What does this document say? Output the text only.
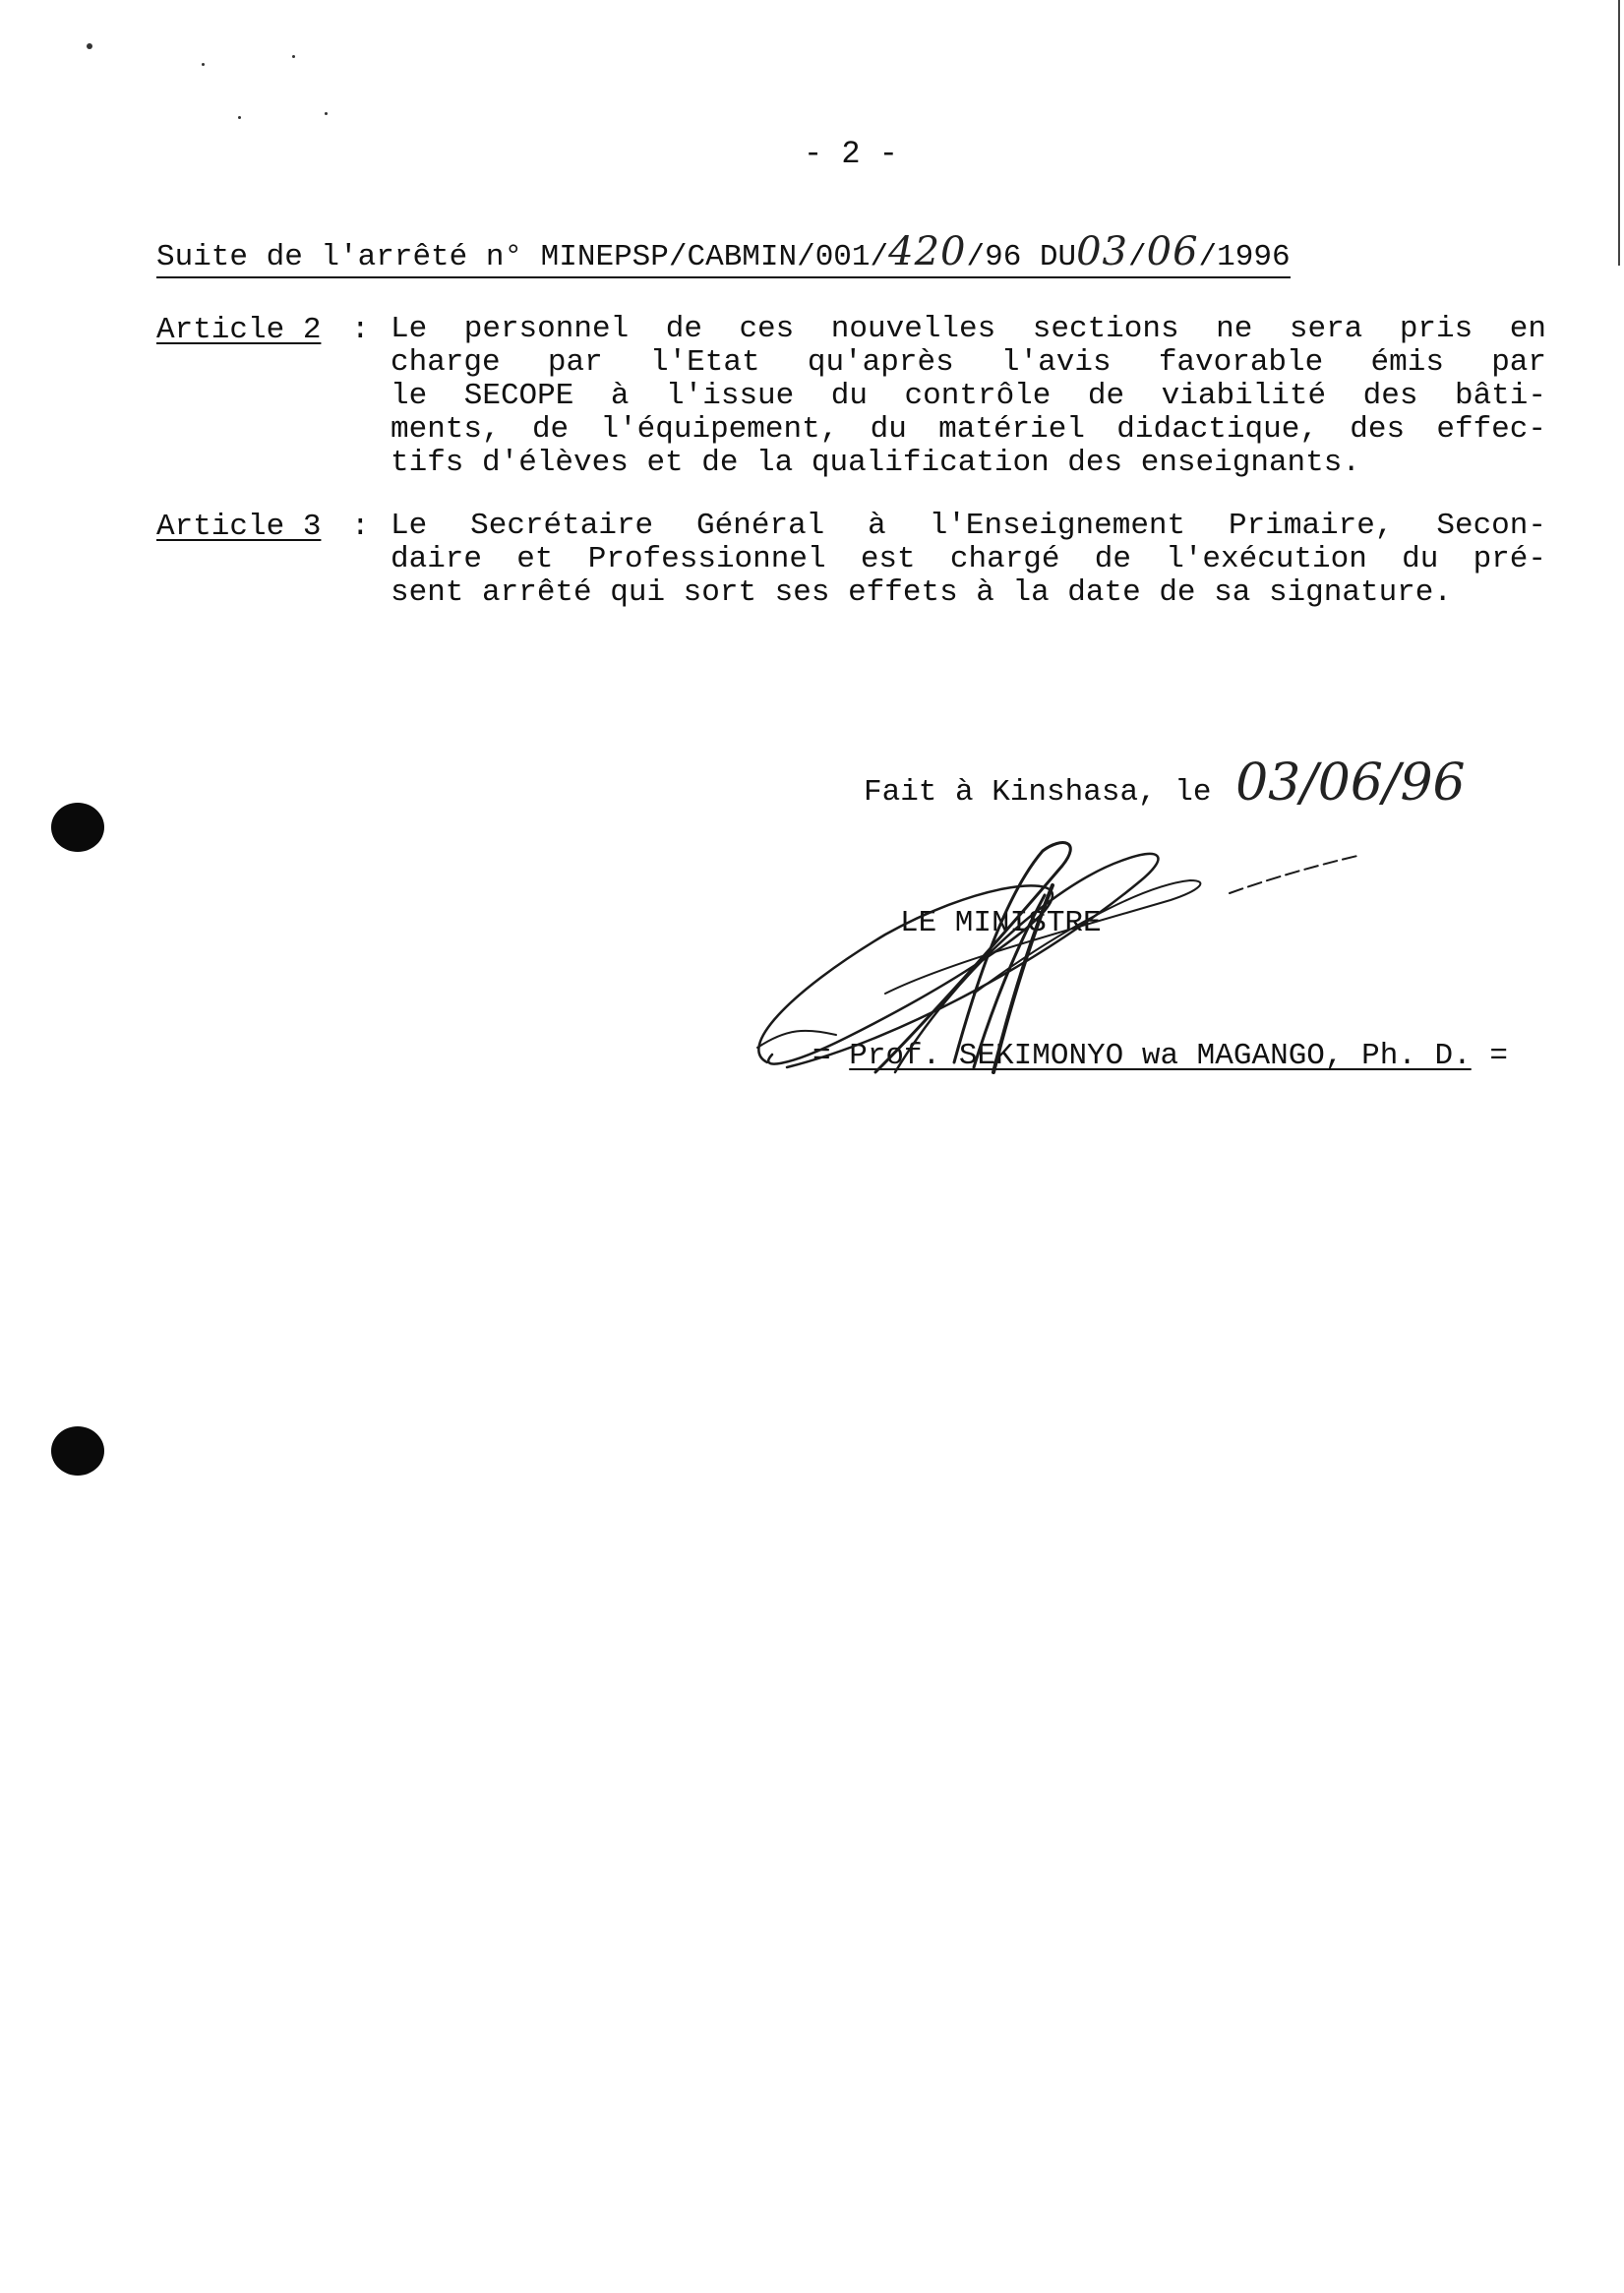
- 2 -
Suite de l'arrêté n° MINEPSP/CABMIN/001/420/96 DU03/06/1996
Article 2 : Le personnel de ces nouvelles sections ne sera pris en
charge par l'Etat qu'après l'avis favorable émis par
le SECOPE à l'issue du contrôle de viabilité des bâti-
ments, de l'équipement, du matériel didactique, des effec-
tifs d'élèves et de la qualification des enseignants.
Article 3 : Le Secrétaire Général à l'Enseignement Primaire, Secon-
daire et Professionnel est chargé de l'exécution du pré-
sent arrêté qui sort ses effets à la date de sa signature.
Fait à Kinshasa, le 03/06/96
LE MINISTRE
= Prof. SEKIMONYO wa MAGANGO, Ph. D. =
